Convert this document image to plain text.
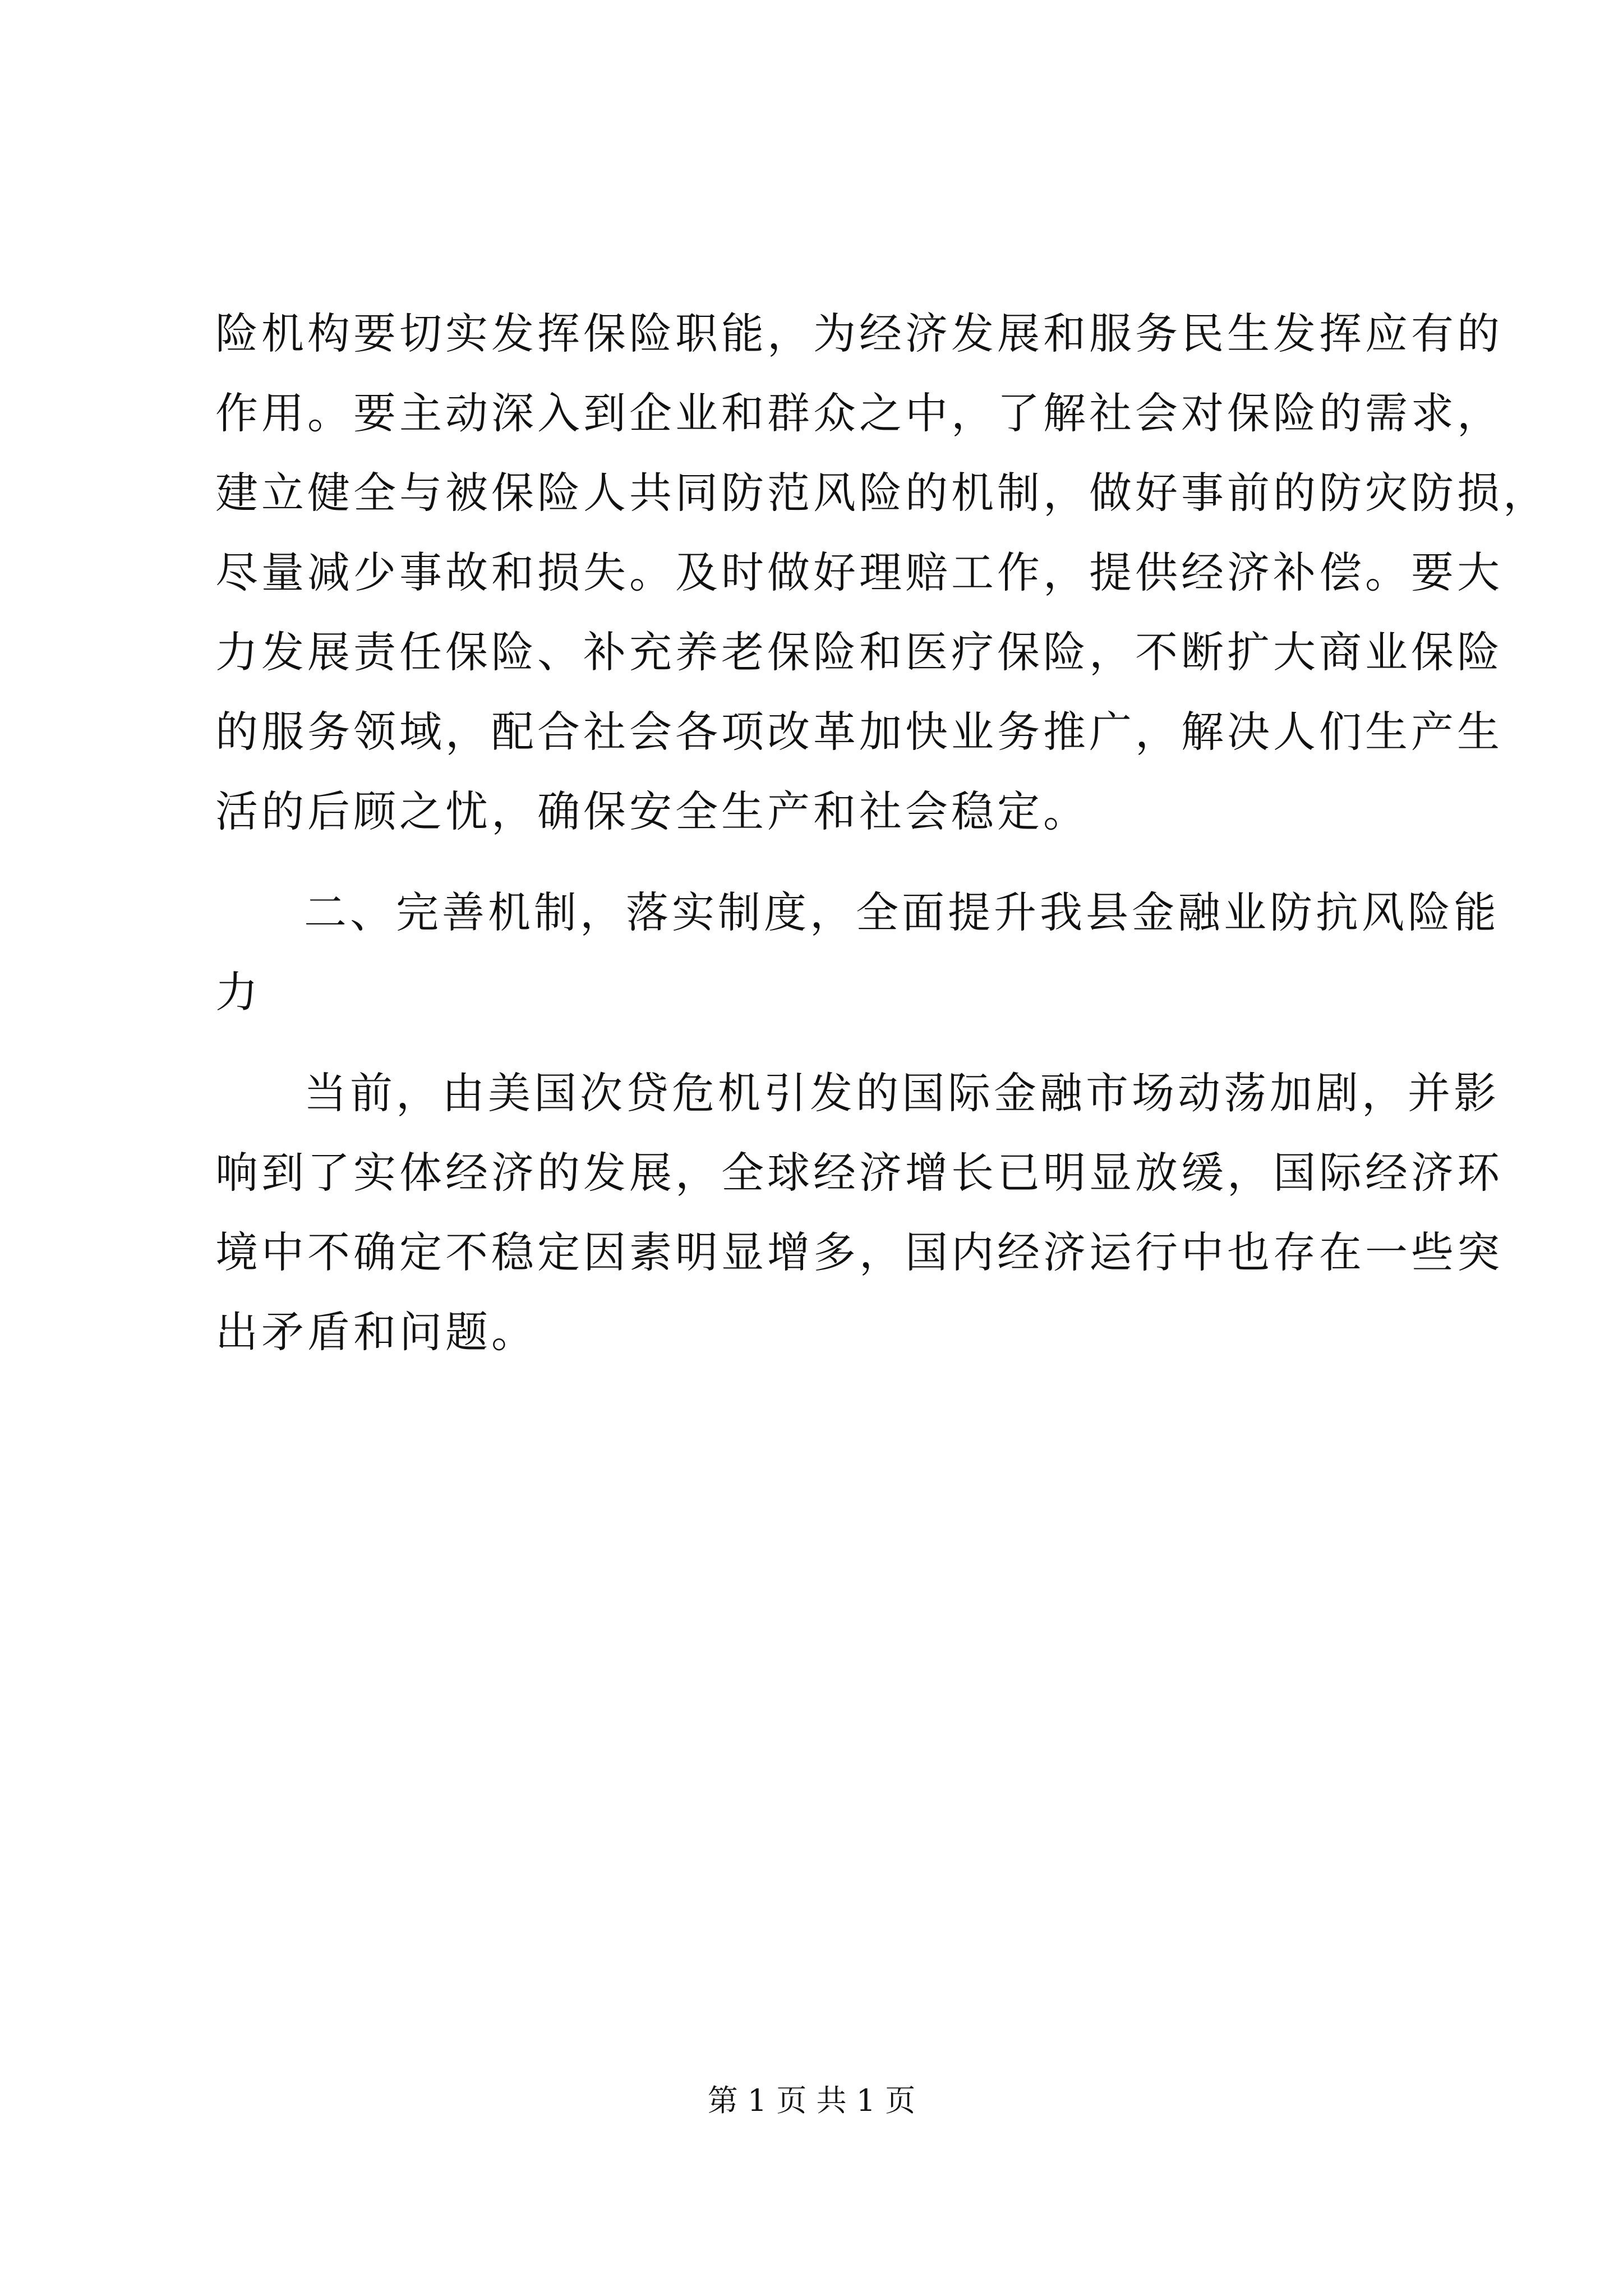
险机构要切实发挥保险职能，为经济发展和服务民生发挥应有的
作用。要主动深入到企业和群众之中，了解社会对保险的需求，
建立健全与被保险人共同防范风险的机制，做好事前的防灾防损，
尽量减少事故和损失。及时做好理赔工作，提供经济补偿。要大
力发展责任保险、补充养老保险和医疗保险，不断扩大商业保险
的服务领域，配合社会各项改革加快业务推广，解决人们生产生
活的后顾之忧，确保安全生产和社会稳定。
二、完善机制，落实制度，全面提升我县金融业防抗风险能
力
当前，由美国次贷危机引发的国际金融市场动荡加剧，并影
响到了实体经济的发展，全球经济增长已明显放缓，国际经济环
境中不确定不稳定因素明显增多，国内经济运行中也存在一些突
出矛盾和问题。
第 1 页 共 1 页
